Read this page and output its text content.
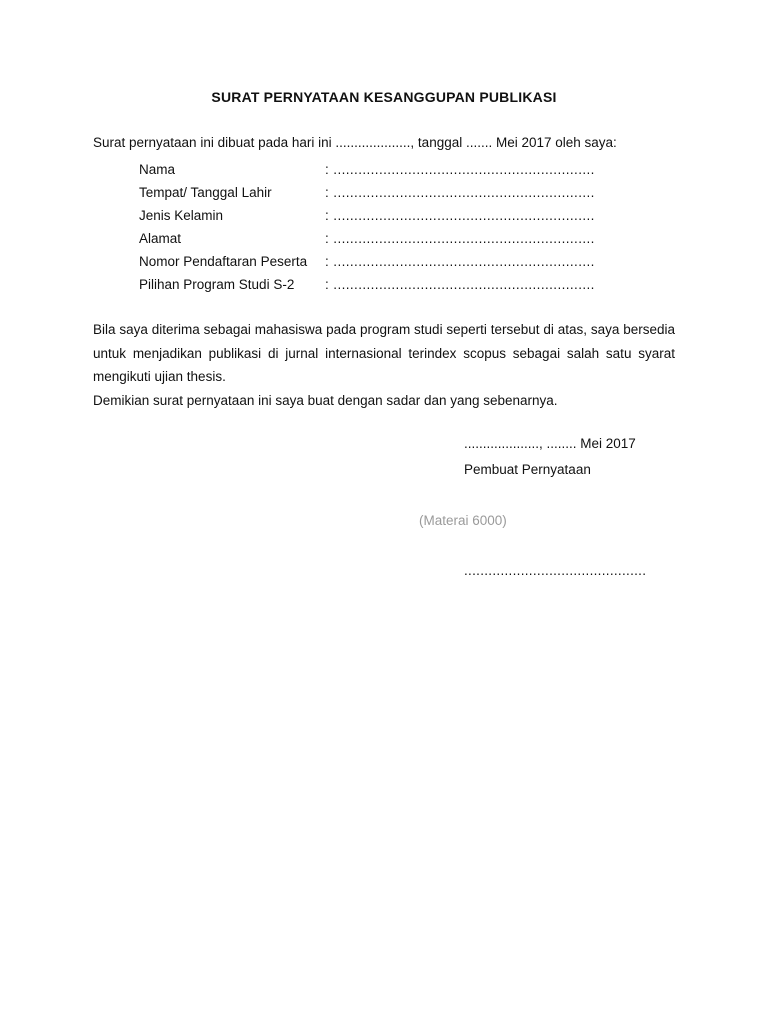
SURAT PERNYATAAN KESANGGUPAN PUBLIKASI
Surat pernyataan ini dibuat pada hari ini ...................., tanggal ....... Mei 2017 oleh saya:
Nama	: ...............................................................
Tempat/ Tanggal Lahir	: ...............................................................
Jenis Kelamin	: ...............................................................
Alamat	: ...............................................................
Nomor Pendaftaran Peserta	: ...............................................................
Pilihan Program Studi S-2	: ...............................................................

Bila saya diterima sebagai mahasiswa pada program studi seperti tersebut di atas, saya bersedia untuk menjadikan publikasi di jurnal internasional terindex scopus sebagai salah satu syarat mengikuti ujian thesis.

Demikian surat pernyataan ini saya buat dengan sadar dan yang sebenarnya.

...................., ........ Mei 2017
Pembuat Pernyataan
(Materai 6000)
.............................................
